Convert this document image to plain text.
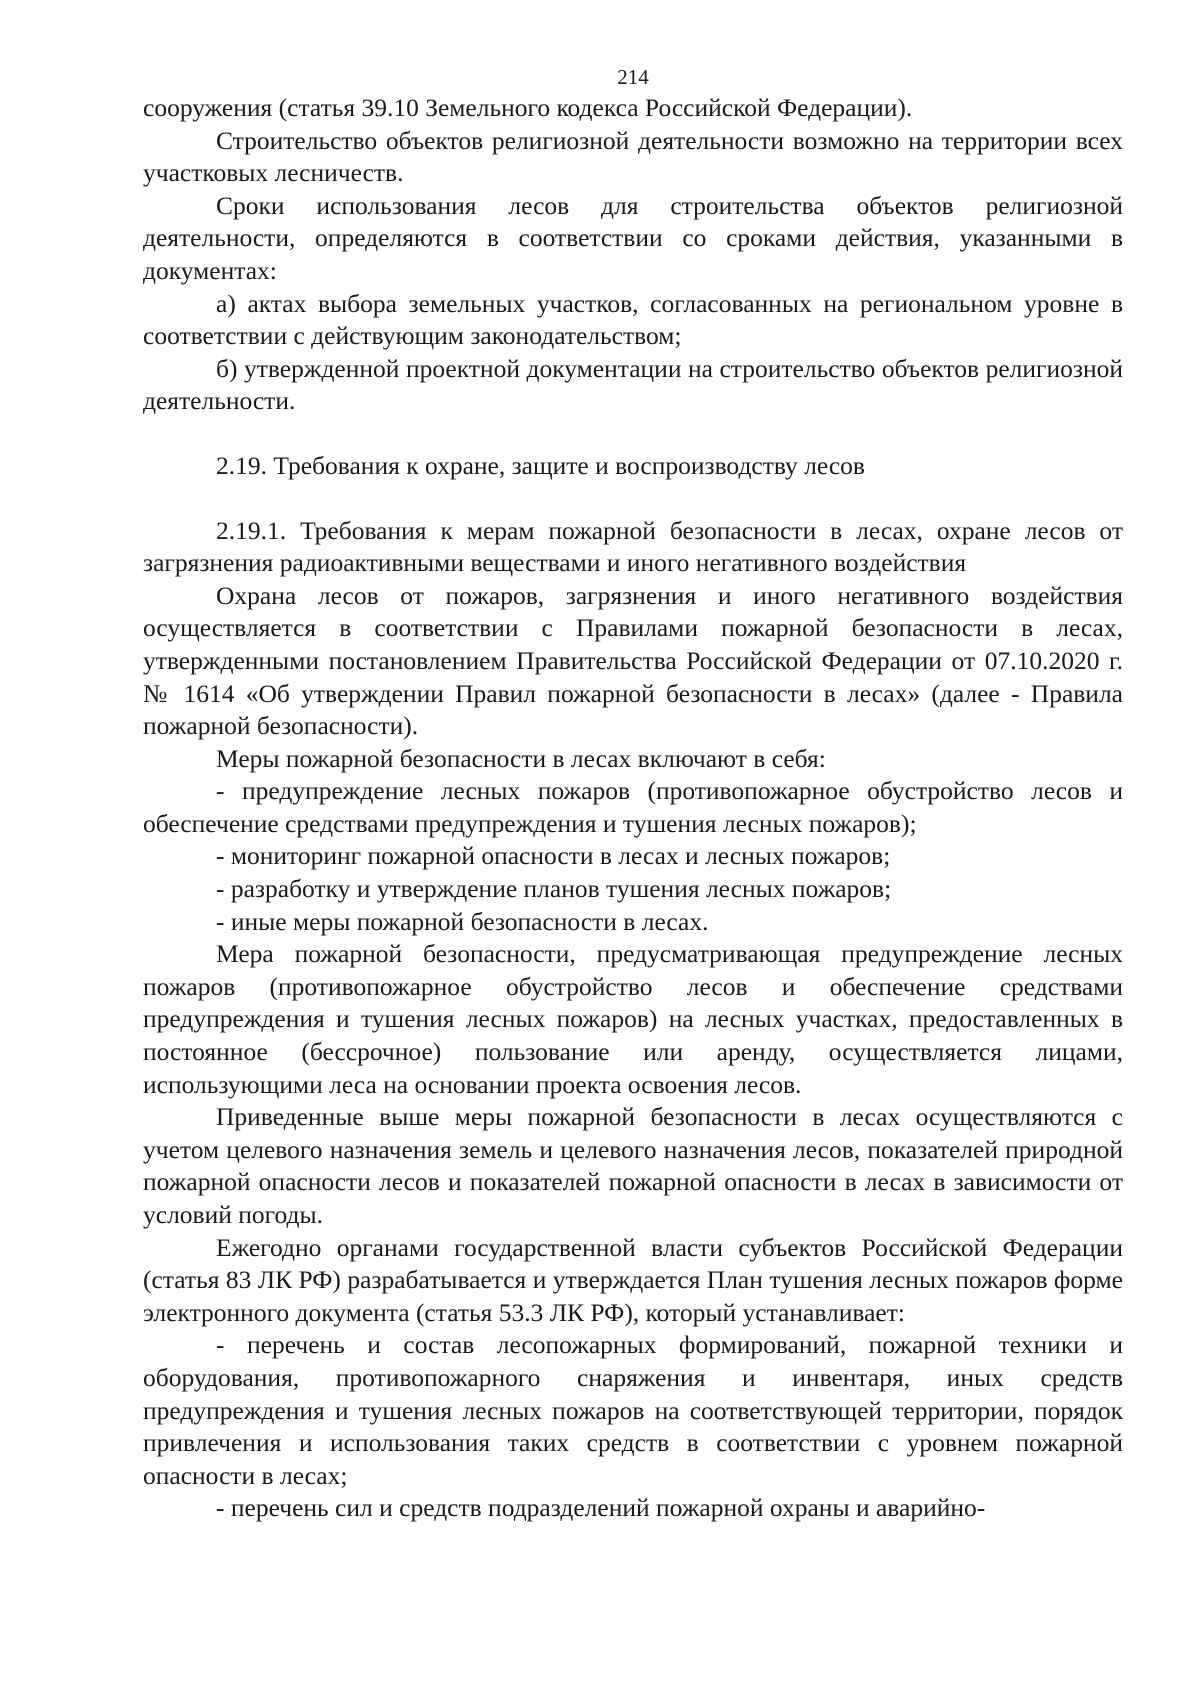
214

сооружения (статья 39.10 Земельного кодекса Российской Федерации).

Строительство объектов религиозной деятельности возможно на территории всех участковых лесничеств.

Сроки использования лесов для строительства объектов религиозной деятельности, определяются в соответствии со сроками действия, указанными в документах:

а) актах выбора земельных участков, согласованных на региональном уровне в соответствии с действующим законодательством;

б) утвержденной проектной документации на строительство объектов религиозной деятельности.

2.19. Требования к охране, защите и воспроизводству лесов

2.19.1. Требования к мерам пожарной безопасности в лесах, охране лесов от загрязнения радиоактивными веществами и иного негативного воздействия

Охрана лесов от пожаров, загрязнения и иного негативного воздействия осуществляется в соответствии с Правилами пожарной безопасности в лесах, утвержденными постановлением Правительства Российской Федерации от 07.10.2020 г. № 1614 «Об утверждении Правил пожарной безопасности в лесах» (далее - Правила пожарной безопасности).

Меры пожарной безопасности в лесах включают в себя:

- предупреждение лесных пожаров (противопожарное обустройство лесов и обеспечение средствами предупреждения и тушения лесных пожаров);

- мониторинг пожарной опасности в лесах и лесных пожаров;

- разработку и утверждение планов тушения лесных пожаров;

- иные меры пожарной безопасности в лесах.

Мера пожарной безопасности, предусматривающая предупреждение лесных пожаров (противопожарное обустройство лесов и обеспечение средствами предупреждения и тушения лесных пожаров) на лесных участках, предоставленных в постоянное (бессрочное) пользование или аренду, осуществляется лицами, использующими леса на основании проекта освоения лесов.

Приведенные выше меры пожарной безопасности в лесах осуществляются с учетом целевого назначения земель и целевого назначения лесов, показателей природной пожарной опасности лесов и показателей пожарной опасности в лесах в зависимости от условий погоды.

Ежегодно органами государственной власти субъектов Российской Федерации (статья 83 ЛК РФ) разрабатывается и утверждается План тушения лесных пожаров форме электронного документа (статья 53.3 ЛК РФ), который устанавливает:

- перечень и состав лесопожарных формирований, пожарной техники и оборудования, противопожарного снаряжения и инвентаря, иных средств предупреждения и тушения лесных пожаров на соответствующей территории, порядок привлечения и использования таких средств в соответствии с уровнем пожарной опасности в лесах;

- перечень сил и средств подразделений пожарной охраны и аварийно-
